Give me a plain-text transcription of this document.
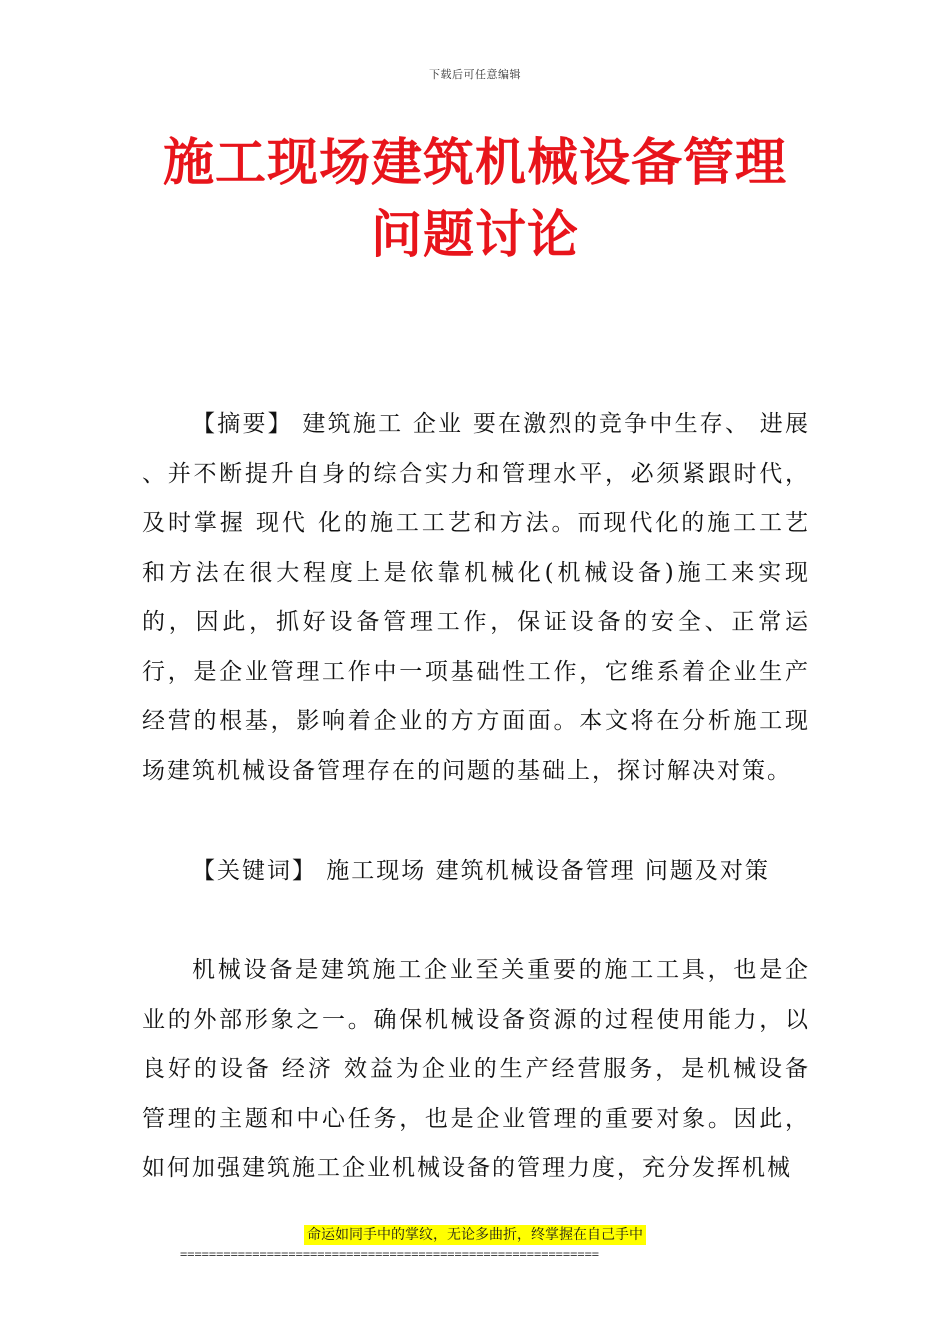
下载后可任意编辑
施工现场建筑机械设备管理问题讨论

【摘要】 建筑施工 企业 要在激烈的竞争中生存、 进展 、并不断提升自身的综合实力和管理水平，必须紧跟时代，及时掌握 现代 化的施工工艺和方法。而现代化的施工工艺和方法在很大程度上是依靠机械化(机械设备)施工来实现的，因此，抓好设备管理工作，保证设备的安全、正常运行，是企业管理工作中一项基础性工作，它维系着企业生产经营的根基，影响着企业的方方面面。本文将在分析施工现场建筑机械设备管理存在的问题的基础上，探讨解决对策。

【关键词】 施工现场 建筑机械设备管理 问题及对策

机械设备是建筑施工企业至关重要的施工工具，也是企业的外部形象之一。确保机械设备资源的过程使用能力，以良好的设备 经济 效益为企业的生产经营服务，是机械设备管理的主题和中心任务，也是企业管理的重要对象。因此，如何加强建筑施工企业机械设备的管理力度，充分发挥机械

命运如同手中的掌纹，无论多曲折，终掌握在自己手中
==========================================================
